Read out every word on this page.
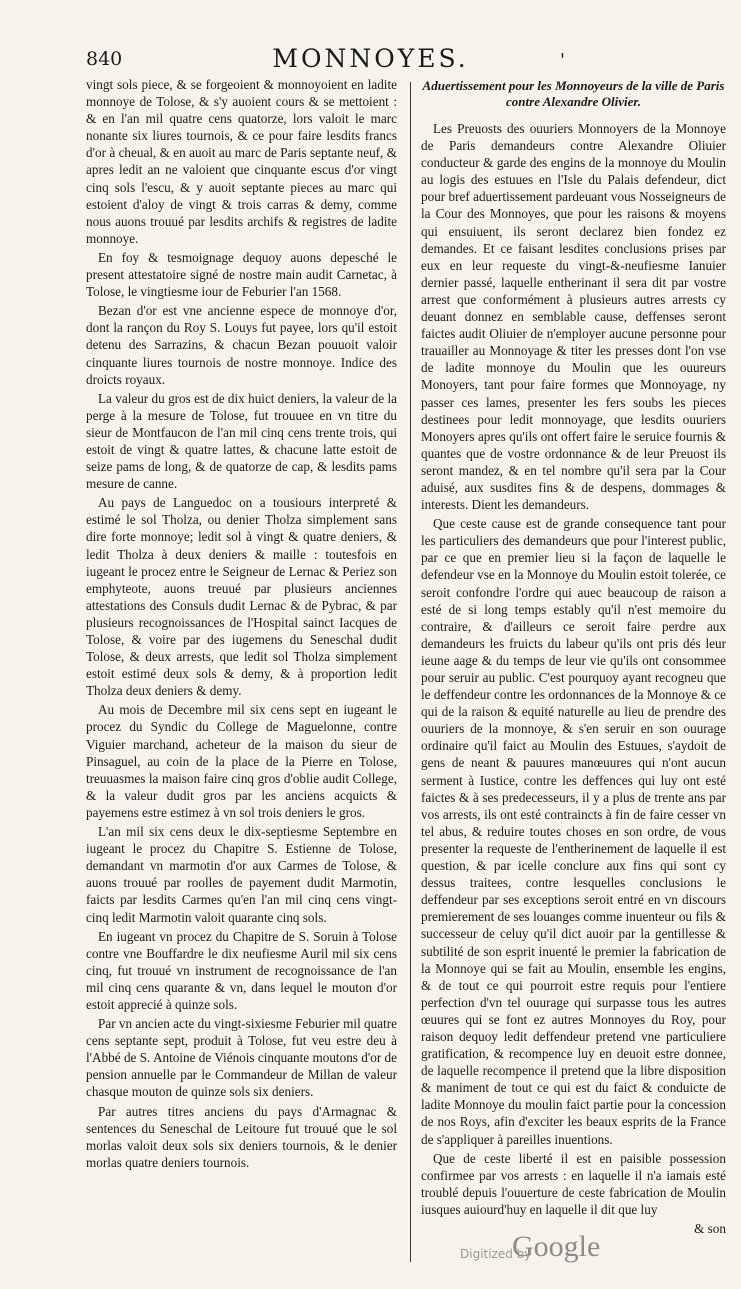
840	MONNOYES.	'

vingt sols piece, & se forgeoient & monnoyoient en ladite monnoye de Tolose, & s'y auoient cours & se mettoient : & en l'an mil quatre cens quatorze, lors valoit le marc nonante six liures tournois, & ce pour faire lesdits francs d'or à cheual, & en auoit au marc de Paris septante neuf, & apres ledit an ne valoient que cinquante escus d'or vingt cinq sols l'escu, & y auoit septante pieces au marc qui estoient d'aloy de vingt & trois carras & demy, comme nous auons trouué par lesdits archifs & registres de ladite monnoye.

En foy & tesmoignage dequoy auons depesché le present attestatoire signé de nostre main audit Carnetac, à Tolose, le vingtiesme iour de Feburier l'an 1568.

Bezan d'or est vne ancienne espece de monnoye d'or, dont la rançon du Roy S. Louys fut payee, lors qu'il estoit detenu des Sarrazins, & chacun Bezan pouuoit valoir cinquante liures tournois de nostre monnoye. Indice des droicts royaux.

La valeur du gros est de dix huict deniers, la valeur de la perge à la mesure de Tolose, fut trouuee en vn titre du sieur de Montfaucon de l'an mil cinq cens trente trois, qui estoit de vingt & quatre lattes, & chacune latte estoit de seize pams de long, & de quatorze de cap, & lesdits pams mesure de canne.

Au pays de Languedoc on a tousiours interpreté & estimé le sol Tholza, ou denier Tholza simplement sans dire forte monnoye; ledit sol à vingt & quatre deniers, & ledit Tholza à deux deniers & maille : toutesfois en iugeant le procez entre le Seigneur de Lernac & Periez son emphyteote, auons treuué par plusieurs anciennes attestations des Consuls dudit Lernac & de Pybrac, & par plusieurs recognoissances de l'Hospital sainct Iacques de Tolose, & voire par des iugemens du Seneschal dudit Tolose, & deux arrests, que ledit sol Tholza simplement estoit estimé deux sols & demy, & à proportion ledit Tholza deux deniers & demy.

Au mois de Decembre mil six cens sept en iugeant le procez du Syndic du College de Maguelonne, contre Viguier marchand, acheteur de la maison du sieur de Pinsaguel, au coin de la place de la Pierre en Tolose, treuuasmes la maison faire cinq gros d'oblie audit College, & la valeur dudit gros par les anciens acquicts & payemens estre estimez à vn sol trois deniers le gros.

L'an mil six cens deux le dix-septiesme Septembre en iugeant le procez du Chapitre S. Estienne de Tolose, demandant vn marmotin d'or aux Carmes de Tolose, & auons trouué par roolles de payement dudit Marmotin, faicts par lesdits Carmes qu'en l'an mil cinq cens vingt-cinq ledit Marmotin valoit quarante cinq sols.

En iugeant vn procez du Chapitre de S. Soruin à Tolose contre vne Bouffardre le dix neufiesme Auril mil six cens cinq, fut trouué vn instrument de recognoissance de l'an mil cinq cens quarante & vn, dans lequel le mouton d'or estoit apprecié à quinze sols.

Par vn ancien acte du vingt-sixiesme Feburier mil quatre cens septante sept, produit à Tolose, fut veu estre deu à l'Abbé de S. Antoine de Viénois cinquante moutons d'or de pension annuelle par le Commandeur de Millan de valeur chasque mouton de quinze sols six deniers.

Par autres titres anciens du pays d'Armagnac & sentences du Seneschal de Leitoure fut trouué que le sol morlas valoit deux sols six deniers tournois, & le denier morlas quatre deniers tournois.

Aduertissement pour les Monnoyeurs de la ville de Paris contre Alexandre Olivier.

Les Preuosts des ouuriers Monnoyers de la Monnoye de Paris demandeurs contre Alexandre Oliuier conducteur & garde des engins de la monnoye du Moulin au logis des estuues en l'Isle du Palais defendeur, dict pour bref aduertissement pardeuant vous Nosseigneurs de la Cour des Monnoyes, que pour les raisons & moyens qui ensuiuent, ils seront declarez bien fondez ez demandes. Et ce faisant lesdites conclusions prises par eux en leur requeste du vingt-&-neufiesme Ianuier dernier passé, laquelle entherinant il sera dit par vostre arrest que conformément à plusieurs autres arrests cy deuant donnez en semblable cause, deffenses seront faictes audit Oliuier de n'employer aucune personne pour trauailler au Monnoyage & titer les presses dont l'on vse de ladite monnoye du Moulin que les ouureurs Monoyers, tant pour faire formes que Monnoyage, ny passer ces lames, presenter les fers soubs les pieces destinees pour ledit monnoyage, que lesdits ouuriers Monoyers apres qu'ils ont offert faire le seruice fournis & quantes que de vostre ordonnance & de leur Preuost ils seront mandez, & en tel nombre qu'il sera par la Cour aduisé, aux susdites fins & de despens, dommages & interests. Dient les demandeurs.

Que ceste cause est de grande consequence tant pour les particuliers des demandeurs que pour l'interest public, par ce que en premier lieu si la façon de laquelle le defendeur vse en la Monnoye du Moulin estoit tolerée, ce seroit confondre l'ordre qui auec beaucoup de raison a esté de si long temps estably qu'il n'est memoire du contraire, & d'ailleurs ce seroit faire perdre aux demandeurs les fruicts du labeur qu'ils ont pris dés leur ieune aage & du temps de leur vie qu'ils ont consommee pour seruir au public. C'est pourquoy ayant recogneu que le deffendeur contre les ordonnances de la Monnoye & ce qui de la raison & equité naturelle au lieu de prendre des ouuriers de la monnoye, & s'en seruir en son ouurage ordinaire qu'il faict au Moulin des Estuues, s'aydoit de gens de neant & pauures manœuures qui n'ont aucun serment à Iustice, contre les deffences qui luy ont esté faictes & à ses predecesseurs, il y a plus de trente ans par vos arrests, ils ont esté contraincts à fin de faire cesser vn tel abus, & reduire toutes choses en son ordre, de vous presenter la requeste de l'entherinement de laquelle il est question, & par icelle conclure aux fins qui sont cy dessus traitees, contre lesquelles conclusions le deffendeur par ses exceptions seroit entré en vn discours premierement de ses louanges comme inuenteur ou fils & successeur de celuy qu'il dict auoir par la gentillesse & subtilité de son esprit inuenté le premier la fabrication de la Monnoye qui se fait au Moulin, ensemble les engins, & de tout ce qui pourroit estre requis pour l'entiere perfection d'vn tel ouurage qui surpasse tous les autres œuures qui se font ez autres Monnoyes du Roy, pour raison dequoy ledit deffendeur pretend vne particuliere gratification, & recompence luy en deuoit estre donnee, de laquelle recompence il pretend que la libre disposition & maniment de tout ce qui est du faict & conduicte de ladite Monnoye du moulin faict partie pour la concession de nos Roys, afin d'exciter les beaux esprits de la France de s'appliquer à pareilles inuentions.

Que de ceste liberté il est en paisible possession confirmee par vos arrests : en laquelle il n'a iamais esté troublé depuis l'ouuerture de ceste fabrication de Moulin iusques auiourd'huy en laquelle il dit que luy

& son

Digitized by
Google
